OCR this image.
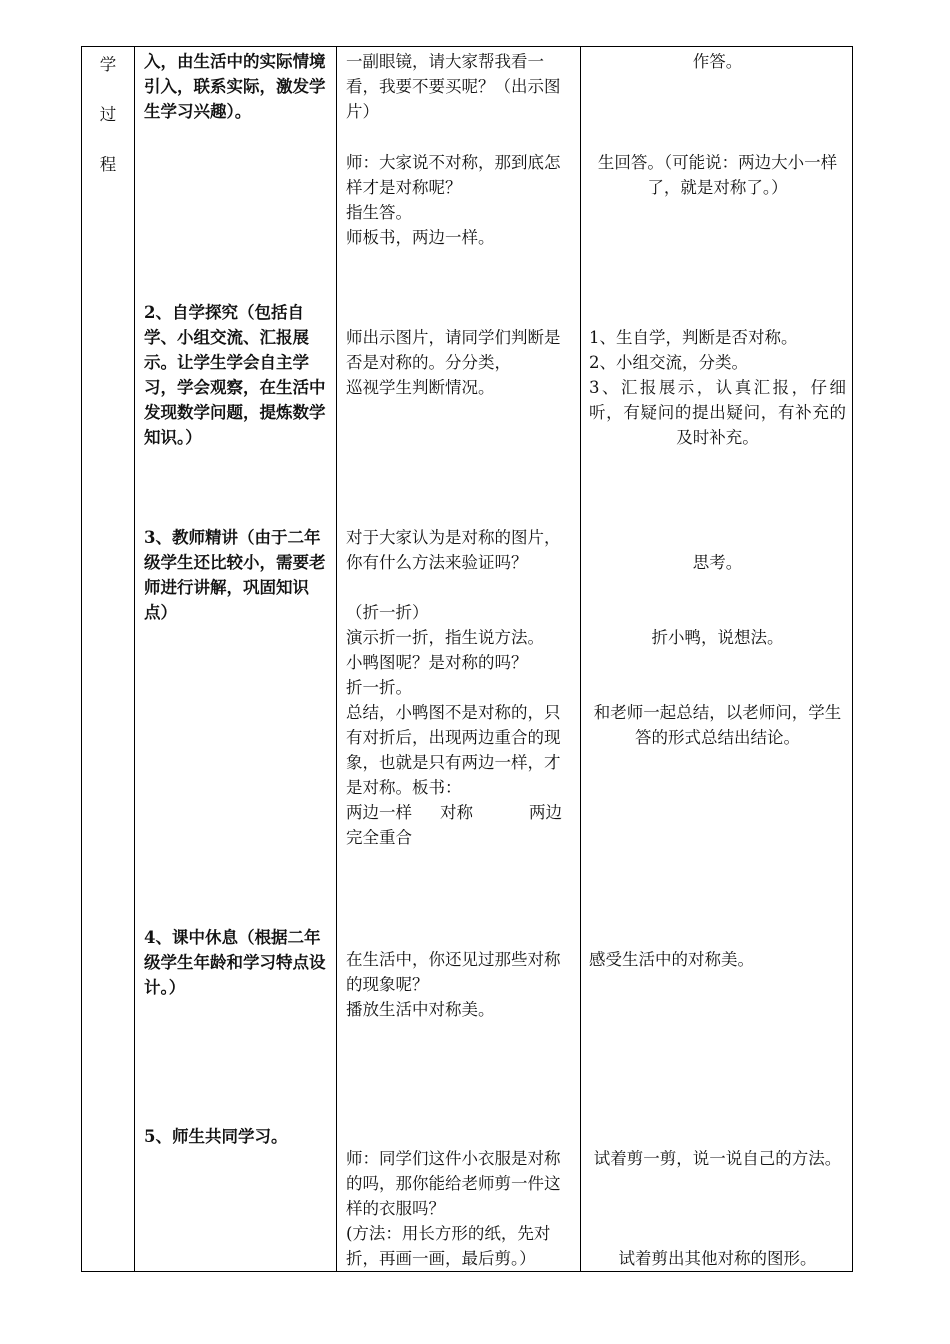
学
过
程
入，由生活中的实际情境引入，联系实际，激发学生学习兴趣）。
2、自学探究（包括自学、小组交流、汇报展示。让学生学会自主学习，学会观察，在生活中发现数学问题，提炼数学知识。）
3、教师精讲（由于二年级学生还比较小，需要老师进行讲解，巩固知识点）
4、课中休息（根据二年级学生年龄和学习特点设计。）
5、师生共同学习。
一副眼镜，请大家帮我看一看，我要不要买呢？（出示图片）
师：大家说不对称，那到底怎样才是对称呢？
指生答。
师板书，两边一样。
师出示图片，请同学们判断是否是对称的。分分类，
巡视学生判断情况。
对于大家认为是对称的图片，你有什么方法来验证吗？
（折一折）
演示折一折，指生说方法。
小鸭图呢？是对称的吗？
折一折。
总结，小鸭图不是对称的，只有对折后，出现两边重合的现象，也就是只有两边一样，才是对称。板书：
两边一样 对称	两边
完全重合
在生活中，你还见过那些对称的现象呢？
播放生活中对称美。
师：同学们这件小衣服是对称的吗，那你能给老师剪一件这样的衣服吗？
(方法：用长方形的纸，先对折，再画一画，最后剪。）
作答。
生回答。（可能说：两边大小一样了，就是对称了。）
1、生自学，判断是否对称。
2、小组交流，分类。
3、汇报展示，认真汇报，仔细听，有疑问的提出疑问，有补充的及时补充。
思考。
折小鸭，说想法。
和老师一起总结，以老师问，学生答的形式总结出结论。
感受生活中的对称美。
试着剪一剪，说一说自己的方法。
试着剪出其他对称的图形。
